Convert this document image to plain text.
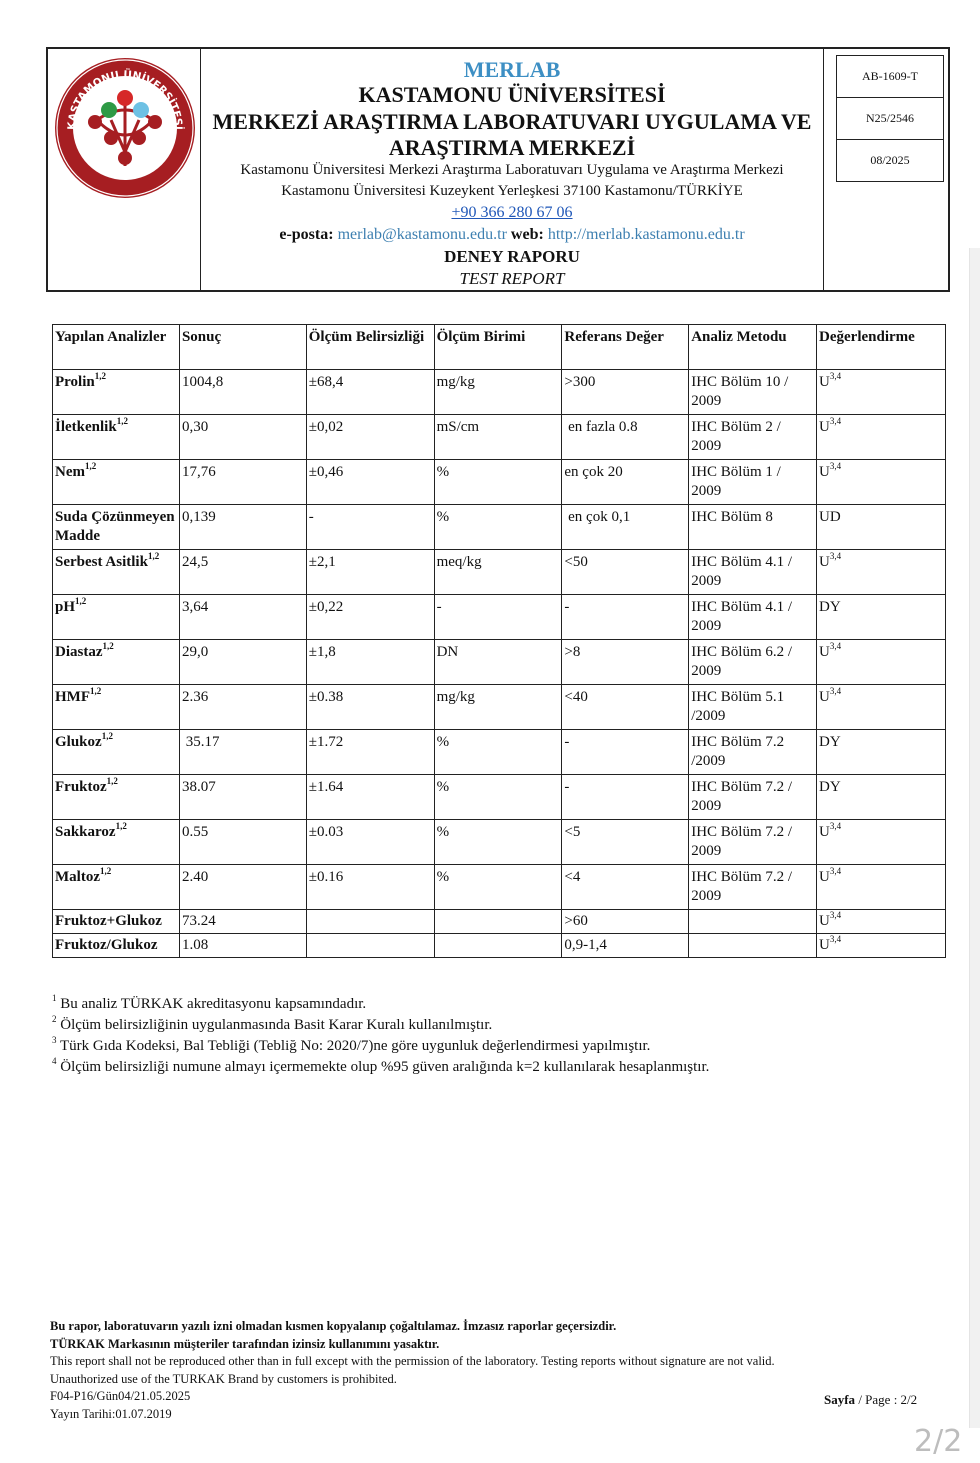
KASTAMONU ÜNİVERSİTESİ
MERKEZİ ARAŞTIRMA LABORATUVARI
MERLAB
KASTAMONU ÜNİVERSİTESİ
MERKEZİ ARAŞTIRMA LABORATUVARI UYGULAMA VE
ARAŞTIRMA MERKEZİ
Kastamonu Üniversitesi Merkezi Araştırma Laboratuvarı Uygulama ve Araştırma Merkezi
Kastamonu Üniversitesi Kuzeykent Yerleşkesi 37100 Kastamonu/TÜRKİYE
+90 366 280 67 06
e-posta: merlab@kastamonu.edu.tr web: http://merlab.kastamonu.edu.tr
DENEY RAPORU
TEST REPORT
AB-1609-T
N25/2546
08/2025
Yapılan Analizler	Sonuç	Ölçüm Belirsizliği	Ölçüm Birimi	Referans Değer	Analiz Metodu	Değerlendirme
Prolin$^{1,2}$	1004,8	±68,4	mg/kg	>300	IHC Bölüm 10 / 2009	U$^{3,4}$
İletkenlik$^{1,2}$	0,30	±0,02	mS/cm	en fazla 0.8	IHC Bölüm 2 / 2009	U$^{3,4}$
Nem$^{1,2}$	17,76	±0,46	%	en çok 20	IHC Bölüm 1 / 2009	U$^{3,4}$
Suda Çözünmeyen Madde	0,139	-	%	en çok 0,1	IHC Bölüm 8	UD
Serbest Asitlik$^{1,2}$	24,5	±2,1	meq/kg	<50	IHC Bölüm 4.1 / 2009	U$^{3,4}$
pH$^{1,2}$	3,64	±0,22	-	-	IHC Bölüm 4.1 / 2009	DY
Diastaz$^{1,2}$	29,0	±1,8	DN	>8	IHC Bölüm 6.2 / 2009	U$^{3,4}$
HMF$^{1,2}$	2.36	±0.38	mg/kg	<40	IHC Bölüm 5.1 /2009	U$^{3,4}$
Glukoz$^{1,2}$	35.17	±1.72	%	-	IHC Bölüm 7.2 /2009	DY
Fruktoz$^{1,2}$	38.07	±1.64	%	-	IHC Bölüm 7.2 / 2009	DY
Sakkaroz$^{1,2}$	0.55	±0.03	%	<5	IHC Bölüm 7.2 / 2009	U$^{3,4}$
Maltoz$^{1,2}$	2.40	±0.16	%	<4	IHC Bölüm 7.2 / 2009	U$^{3,4}$
Fruktoz+Glukoz	73.24			>60		U$^{3,4}$
Fruktoz/Glukoz	1.08			0,9-1,4		U$^{3,4}$
$^1$ Bu analiz TÜRKAK akreditasyonu kapsamındadır.
$^2$ Ölçüm belirsizliğinin uygulanmasında Basit Karar Kuralı kullanılmıştır.
$^3$ Türk Gıda Kodeksi, Bal Tebliği (Tebliğ No: 2020/7)ne göre uygunluk değerlendirmesi yapılmıştır.
$^4$ Ölçüm belirsizliği numune almayı içermemekte olup %95 güven aralığında k=2 kullanılarak hesaplanmıştır.
Bu rapor, laboratuvarın yazılı izni olmadan kısmen kopyalanıp çoğaltılamaz. İmzasız raporlar geçersizdir.
TÜRKAK Markasının müşteriler tarafından izinsiz kullanımını yasaktır.
This report shall not be reproduced other than in full except with the permission of the laboratory. Testing reports without signature are not valid.
Unauthorized use of the TURKAK Brand by customers is prohibited.
F04-P16/Gün04/21.05.2025
Yayın Tarihi:01.07.2019
Sayfa / Page : 2/2
2/2
